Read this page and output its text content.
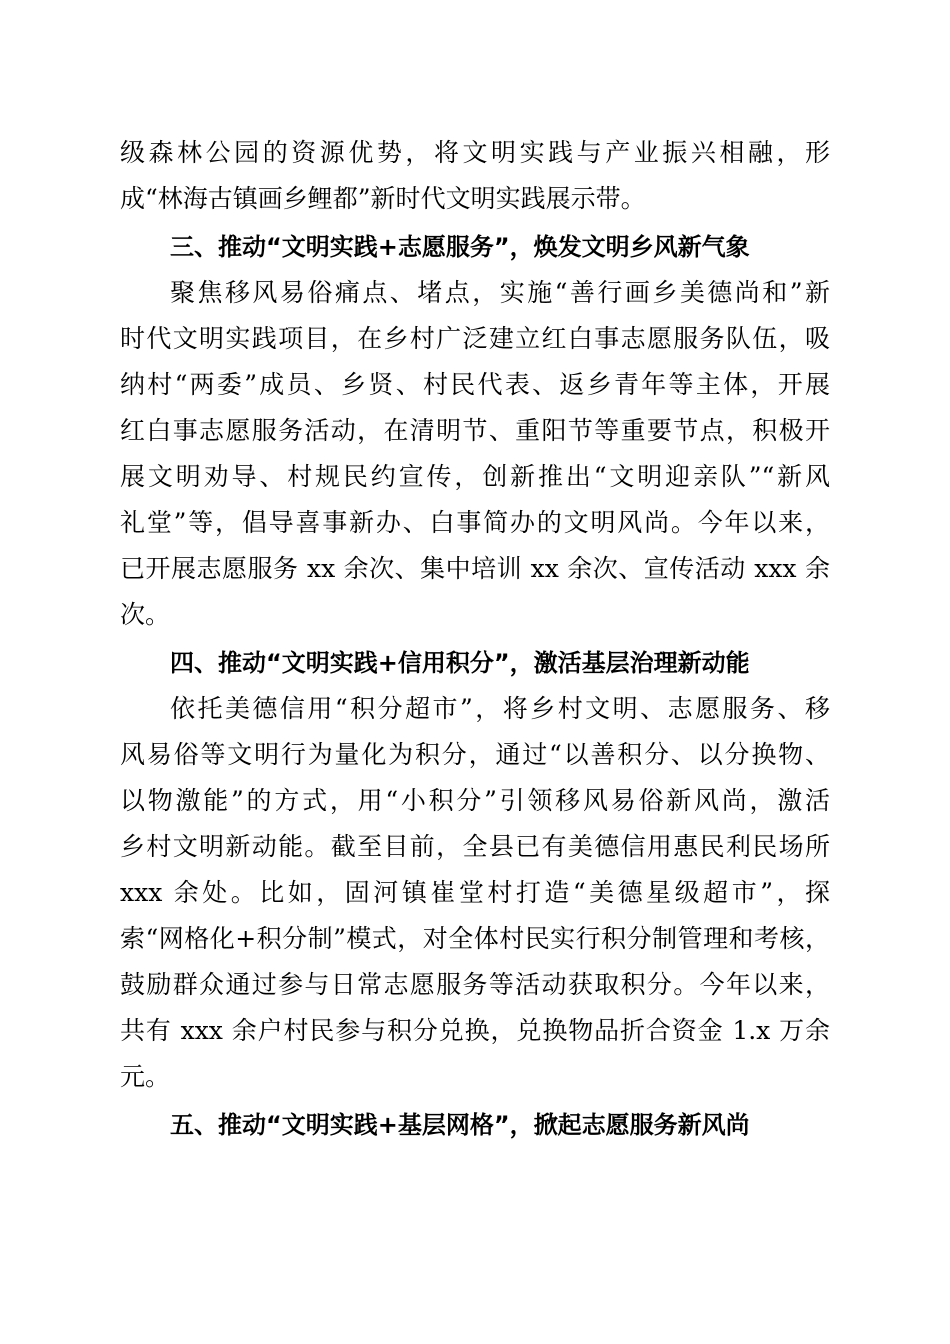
级森林公园的资源优势，将文明实践与产业振兴相融，形
成“林海古镇画乡鲤都”新时代文明实践展示带。
三、推动“文明实践+志愿服务”，焕发文明乡风新气象
聚焦移风易俗痛点、堵点，实施“善行画乡美德尚和”新
时代文明实践项目，在乡村广泛建立红白事志愿服务队伍，吸
纳村“两委”成员、乡贤、村民代表、返乡青年等主体，开展
红白事志愿服务活动，在清明节、重阳节等重要节点，积极开
展文明劝导、村规民约宣传，创新推出“文明迎亲队”“新风
礼堂”等，倡导喜事新办、白事简办的文明风尚。今年以来，
已开展志愿服务 xx 余次、集中培训 xx 余次、宣传活动 xxx 余
次。
四、推动“文明实践+信用积分”，激活基层治理新动能
依托美德信用“积分超市”，将乡村文明、志愿服务、移
风易俗等文明行为量化为积分，通过“以善积分、以分换物、
以物激能”的方式，用“小积分”引领移风易俗新风尚，激活
乡村文明新动能。截至目前，全县已有美德信用惠民利民场所
xxx 余处。比如，固河镇崔堂村打造“美德星级超市”，探
索“网格化+积分制”模式，对全体村民实行积分制管理和考核，
鼓励群众通过参与日常志愿服务等活动获取积分。今年以来，
共有 xxx 余户村民参与积分兑换，兑换物品折合资金 1.x 万余
元。
五、推动“文明实践+基层网格”，掀起志愿服务新风尚
